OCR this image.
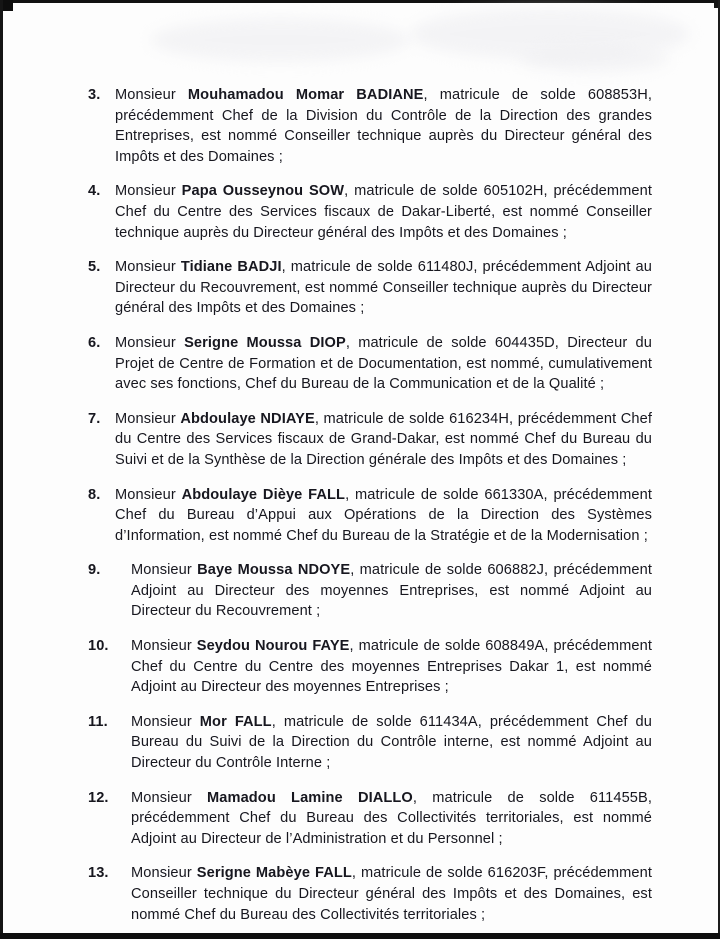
3.	Monsieur Mouhamadou Momar BADIANE, matricule de solde 608853H, précédemment Chef de la Division du Contrôle de la Direction des grandes Entreprises, est nommé Conseiller technique auprès du Directeur général des Impôts et des Domaines ;
4.	Monsieur Papa Ousseynou SOW, matricule de solde 605102H, précédemment Chef du Centre des Services fiscaux de Dakar-Liberté, est nommé Conseiller technique auprès du Directeur général des Impôts et des Domaines ;
5.	Monsieur Tidiane BADJI, matricule de solde 611480J, précédemment Adjoint au Directeur du Recouvrement, est nommé Conseiller technique auprès du Directeur général des Impôts et des Domaines ;
6.	Monsieur Serigne Moussa DIOP, matricule de solde 604435D, Directeur du Projet de Centre de Formation et de Documentation, est nommé, cumulativement avec ses fonctions, Chef du Bureau de la Communication et de la Qualité ;
7.	Monsieur Abdoulaye NDIAYE, matricule de solde 616234H, précédemment Chef du Centre des Services fiscaux de Grand-Dakar, est nommé Chef du Bureau du Suivi et de la Synthèse de la Direction générale des Impôts et des Domaines ;
8.	Monsieur Abdoulaye Dièye FALL, matricule de solde 661330A, précédemment Chef du Bureau d’Appui aux Opérations de la Direction des Systèmes d’Information, est nommé Chef du Bureau de la Stratégie et de la Modernisation ;
9.	Monsieur Baye Moussa NDOYE, matricule de solde 606882J, précédemment Adjoint au Directeur des moyennes Entreprises, est nommé Adjoint au Directeur du Recouvrement ;
10.	Monsieur Seydou Nourou FAYE, matricule de solde 608849A, précédemment Chef du Centre du Centre des moyennes Entreprises Dakar 1, est nommé Adjoint au Directeur des moyennes Entreprises ;
11.	Monsieur Mor FALL, matricule de solde 611434A, précédemment Chef du Bureau du Suivi de la Direction du Contrôle interne, est nommé Adjoint au Directeur du Contrôle Interne ;
12.	Monsieur Mamadou Lamine DIALLO, matricule de solde 611455B, précédemment Chef du Bureau des Collectivités territoriales, est nommé Adjoint au Directeur de l’Administration et du Personnel ;
13.	Monsieur Serigne Mabèye FALL, matricule de solde 616203F, précédemment Conseiller technique du Directeur général des Impôts et des Domaines, est nommé Chef du Bureau des Collectivités territoriales ;
